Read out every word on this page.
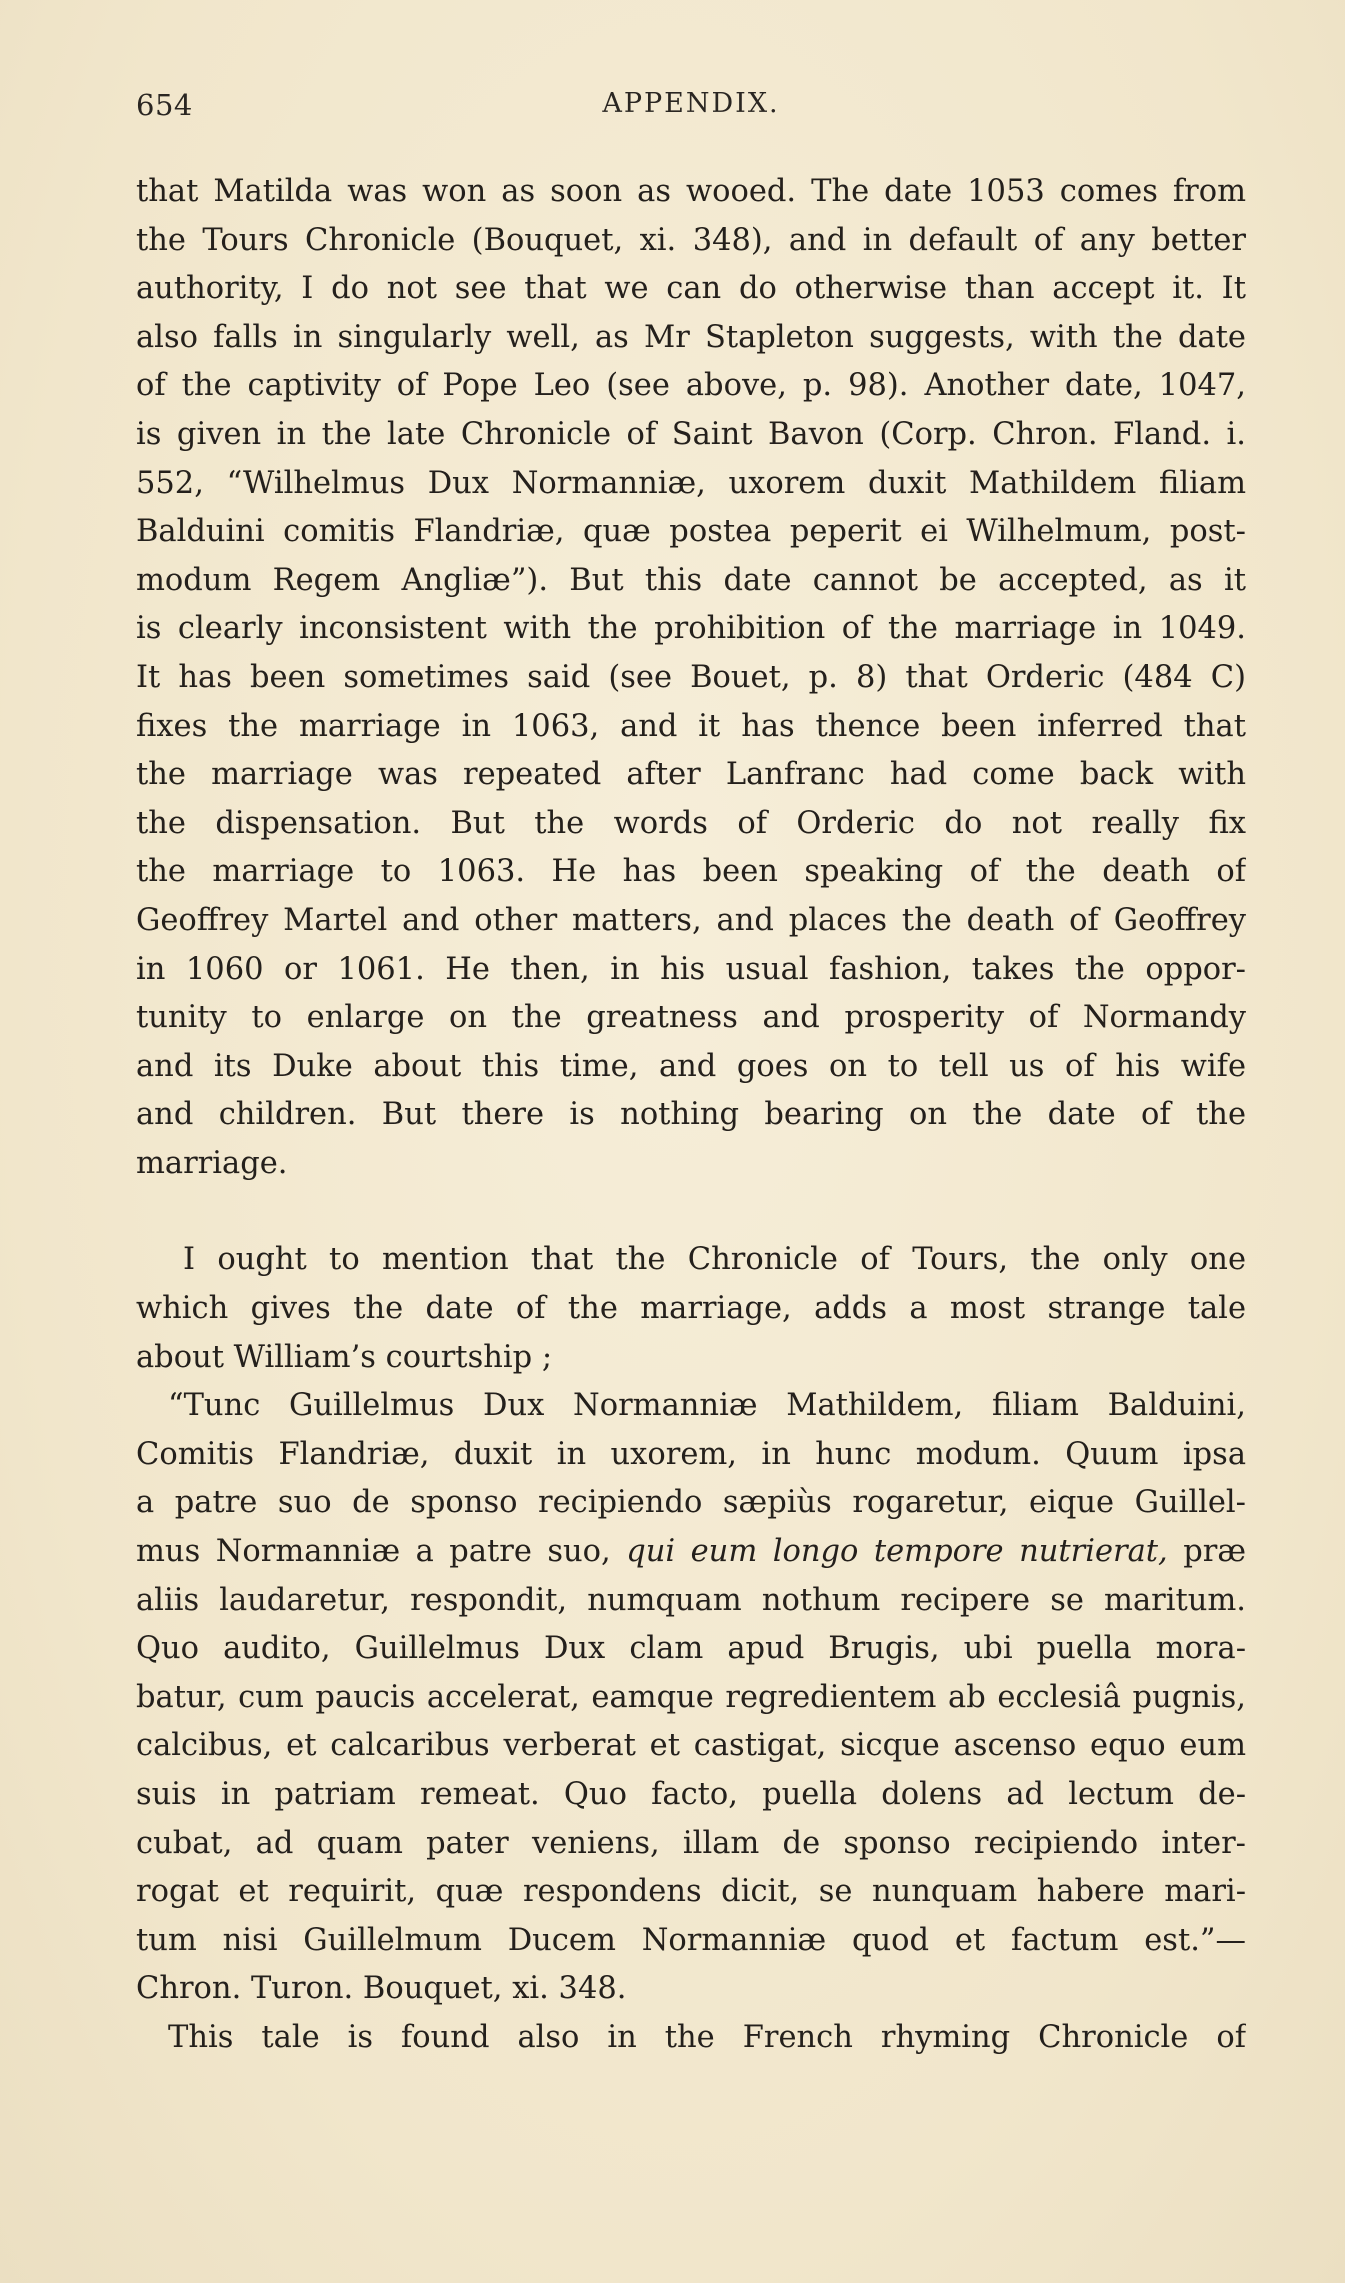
654	APPENDIX.
that Matilda was won as soon as wooed. The date 1053 comes from
the Tours Chronicle (Bouquet, xi. 348), and in default of any better
authority, I do not see that we can do otherwise than accept it. It
also falls in singularly well, as Mr Stapleton suggests, with the date
of the captivity of Pope Leo (see above, p. 98). Another date, 1047,
is given in the late Chronicle of Saint Bavon (Corp. Chron. Fland. i.
552, “Wilhelmus Dux Normanniæ, uxorem duxit Mathildem filiam
Balduini comitis Flandriæ, quæ postea peperit ei Wilhelmum, post-
modum Regem Angliæ”). But this date cannot be accepted, as it
is clearly inconsistent with the prohibition of the marriage in 1049.
It has been sometimes said (see Bouet, p. 8) that Orderic (484 C)
fixes the marriage in 1063, and it has thence been inferred that
the marriage was repeated after Lanfranc had come back with
the dispensation. But the words of Orderic do not really fix
the marriage to 1063. He has been speaking of the death of
Geoffrey Martel and other matters, and places the death of Geoffrey
in 1060 or 1061. He then, in his usual fashion, takes the oppor-
tunity to enlarge on the greatness and prosperity of Normandy
and its Duke about this time, and goes on to tell us of his wife
and children. But there is nothing bearing on the date of the
marriage.
I ought to mention that the Chronicle of Tours, the only one
which gives the date of the marriage, adds a most strange tale
about William’s courtship ;
“Tunc Guillelmus Dux Normanniæ Mathildem, filiam Balduini,
Comitis Flandriæ, duxit in uxorem, in hunc modum. Quum ipsa
a patre suo de sponso recipiendo sæpiùs rogaretur, eique Guillel-
mus Normanniæ a patre suo, qui eum longo tempore nutrierat, præ
aliis laudaretur, respondit, numquam nothum recipere se maritum.
Quo audito, Guillelmus Dux clam apud Brugis, ubi puella mora-
batur, cum paucis accelerat, eamque regredientem ab ecclesiâ pugnis,
calcibus, et calcaribus verberat et castigat, sicque ascenso equo eum
suis in patriam remeat. Quo facto, puella dolens ad lectum de-
cubat, ad quam pater veniens, illam de sponso recipiendo inter-
rogat et requirit, quæ respondens dicit, se nunquam habere mari-
tum nisi Guillelmum Ducem Normanniæ quod et factum est.”—
Chron. Turon. Bouquet, xi. 348.
This tale is found also in the French rhyming Chronicle of
